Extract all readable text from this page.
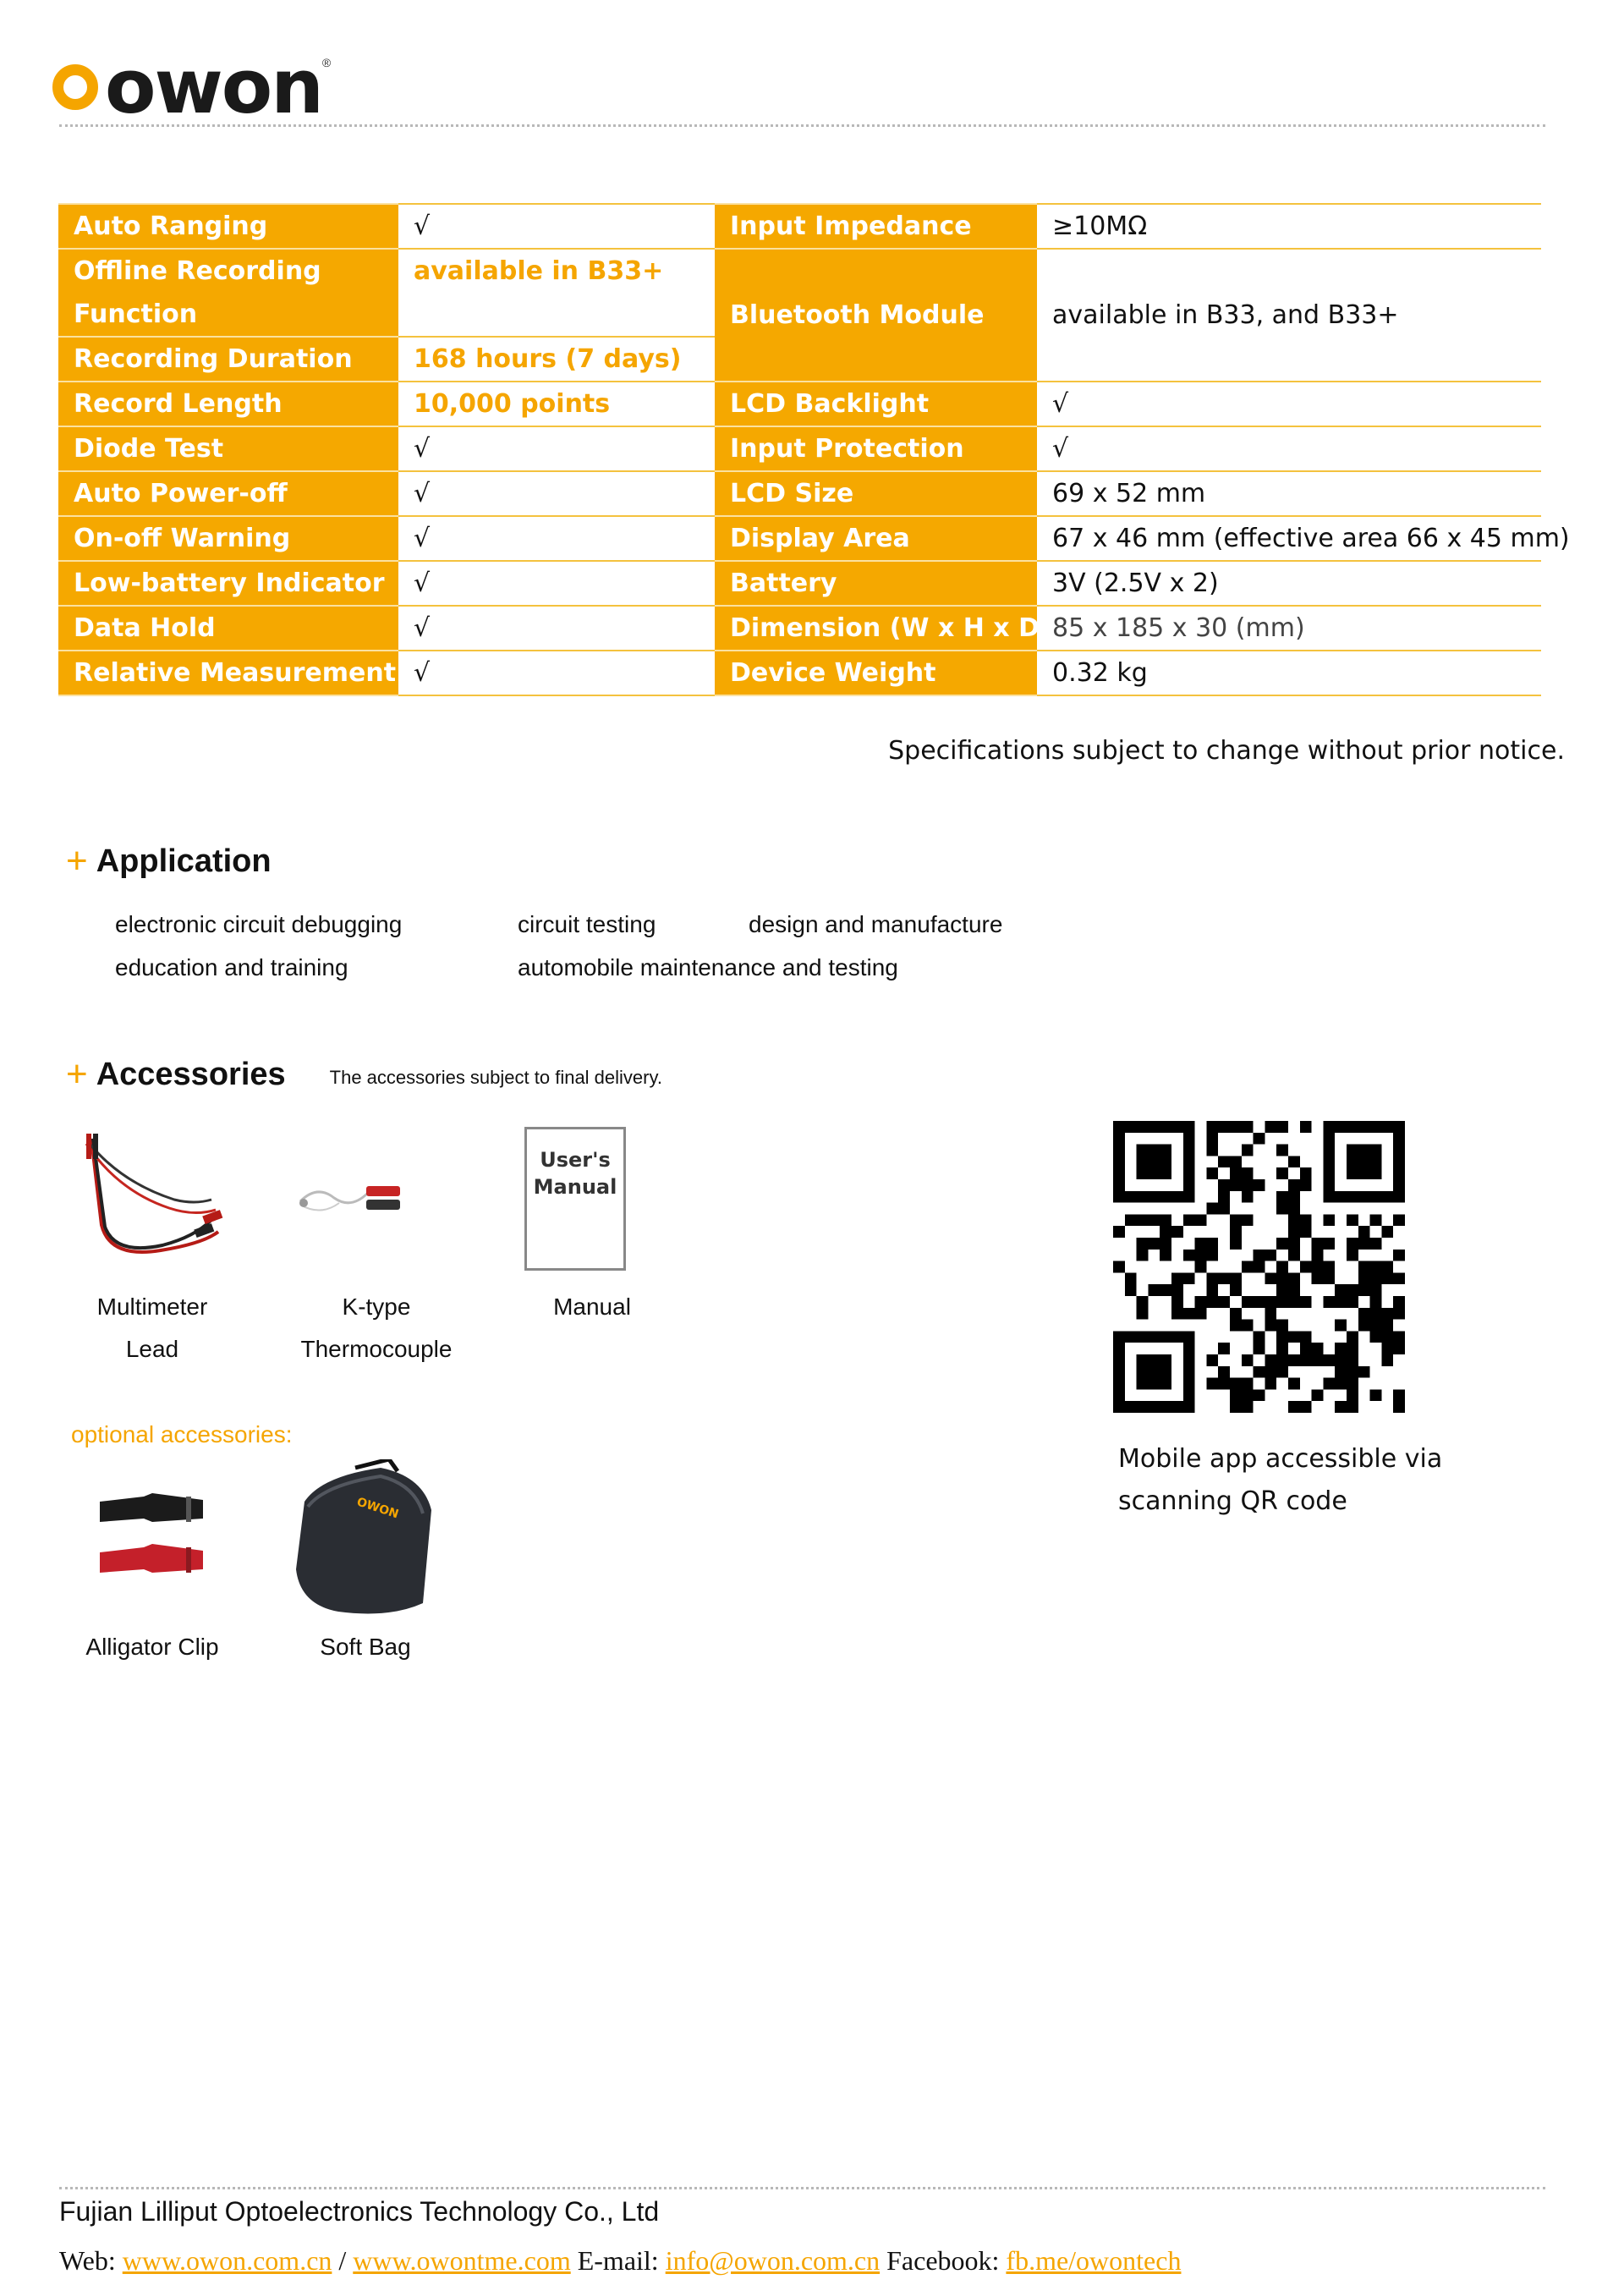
owon ®
Auto Ranging	√	Input Impedance	≥10MΩ
Offline Recording	available in B33+	Bluetooth Module	available in B33, and B33+
Function			
Recording Duration	168 hours (7 days)		
Record Length	10,000 points	LCD Backlight	√
Diode Test	√	Input Protection	√
Auto Power-off	√	LCD Size	69 x 52 mm
On-off Warning	√	Display Area	67 x 46 mm (effective area 66 x 45 mm)
Low-battery Indicator	√	Battery	3V (2.5V x 2)
Data Hold	√	Dimension (W x H x D)	85 x 185 x 30 (mm)
Relative Measurement	√	Device Weight	0.32 kg
Specifications subject to change without prior notice.
+ Application
electronic circuit debugging	circuit testing	design and manufacture
education and training	automobile maintenance and testing
+ Accessories The accessories subject to final delivery.
User's
Manual
Multimeter
Lead
K-type
Thermocouple
Manual
optional accessories:
OWON
Alligator Clip	Soft Bag
Mobile app accessible via
scanning QR code
Fujian Lilliput Optoelectronics Technology Co., Ltd
Web: www.owon.com.cn / www.owontme.com E-mail: info@owon.com.cn Facebook: fb.me/owontech
